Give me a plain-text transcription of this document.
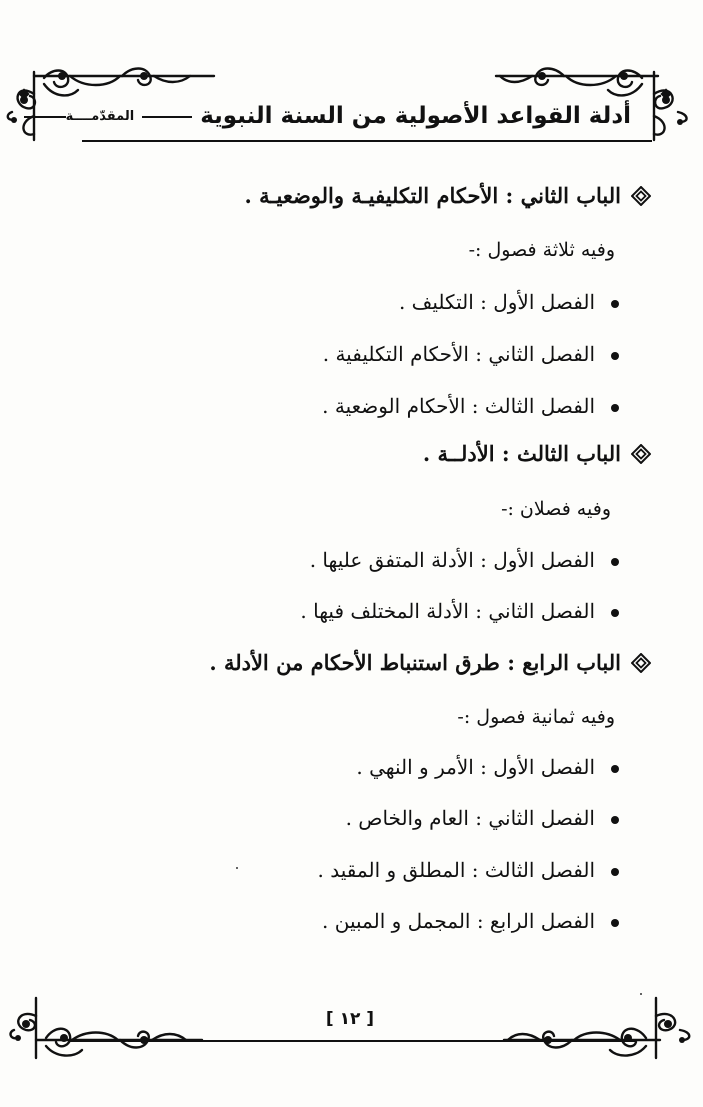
أدلة القواعد الأصولية من السنة النبويةالمقدّمــــة
الباب الثاني : الأحكام التكليفيـة والوضعيـة .
وفيه ثلاثة فصول :-
الفصل الأول : التكليف .
الفصل الثاني : الأحكام التكليفية .
الفصل الثالث : الأحكام الوضعية .
الباب الثالث : الأدلــة .
وفيه فصلان :-
الفصل الأول : الأدلة المتفق عليها .
الفصل الثاني : الأدلة المختلف فيها .
الباب الرابع : طرق استنباط الأحكام من الأدلة .
وفيه ثمانية فصول :-
الفصل الأول : الأمر و النهي .
الفصل الثاني : العام والخاص .
الفصل الثالث : المطلق و المقيد .
الفصل الرابع : المجمل و المبين .
[ ١٢ ]
